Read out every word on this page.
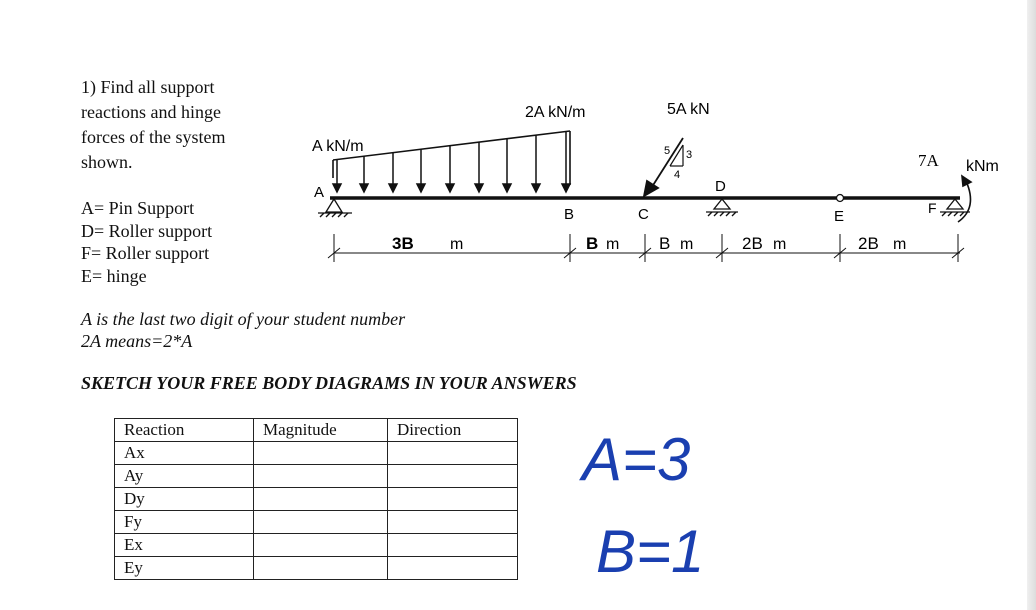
1) Find all support
reactions and hinge
forces of the system
shown.
A= Pin Support
D= Roller support
F= Roller support
E= hinge
A is the last two digit of your student number
2A means=2*A
SKETCH YOUR FREE BODY DIAGRAMS IN YOUR ANSWERS
5 3
4
A kN/m
2A kN/m	5A kN
7A kNm
A
B	C
D
E	F
3B m	B m B m	2B m	2B m
Reaction	Magnitude	Direction
Ax		
Ay		
Dy		
Fy		
Ex		
Ey		
A=3
B=1
